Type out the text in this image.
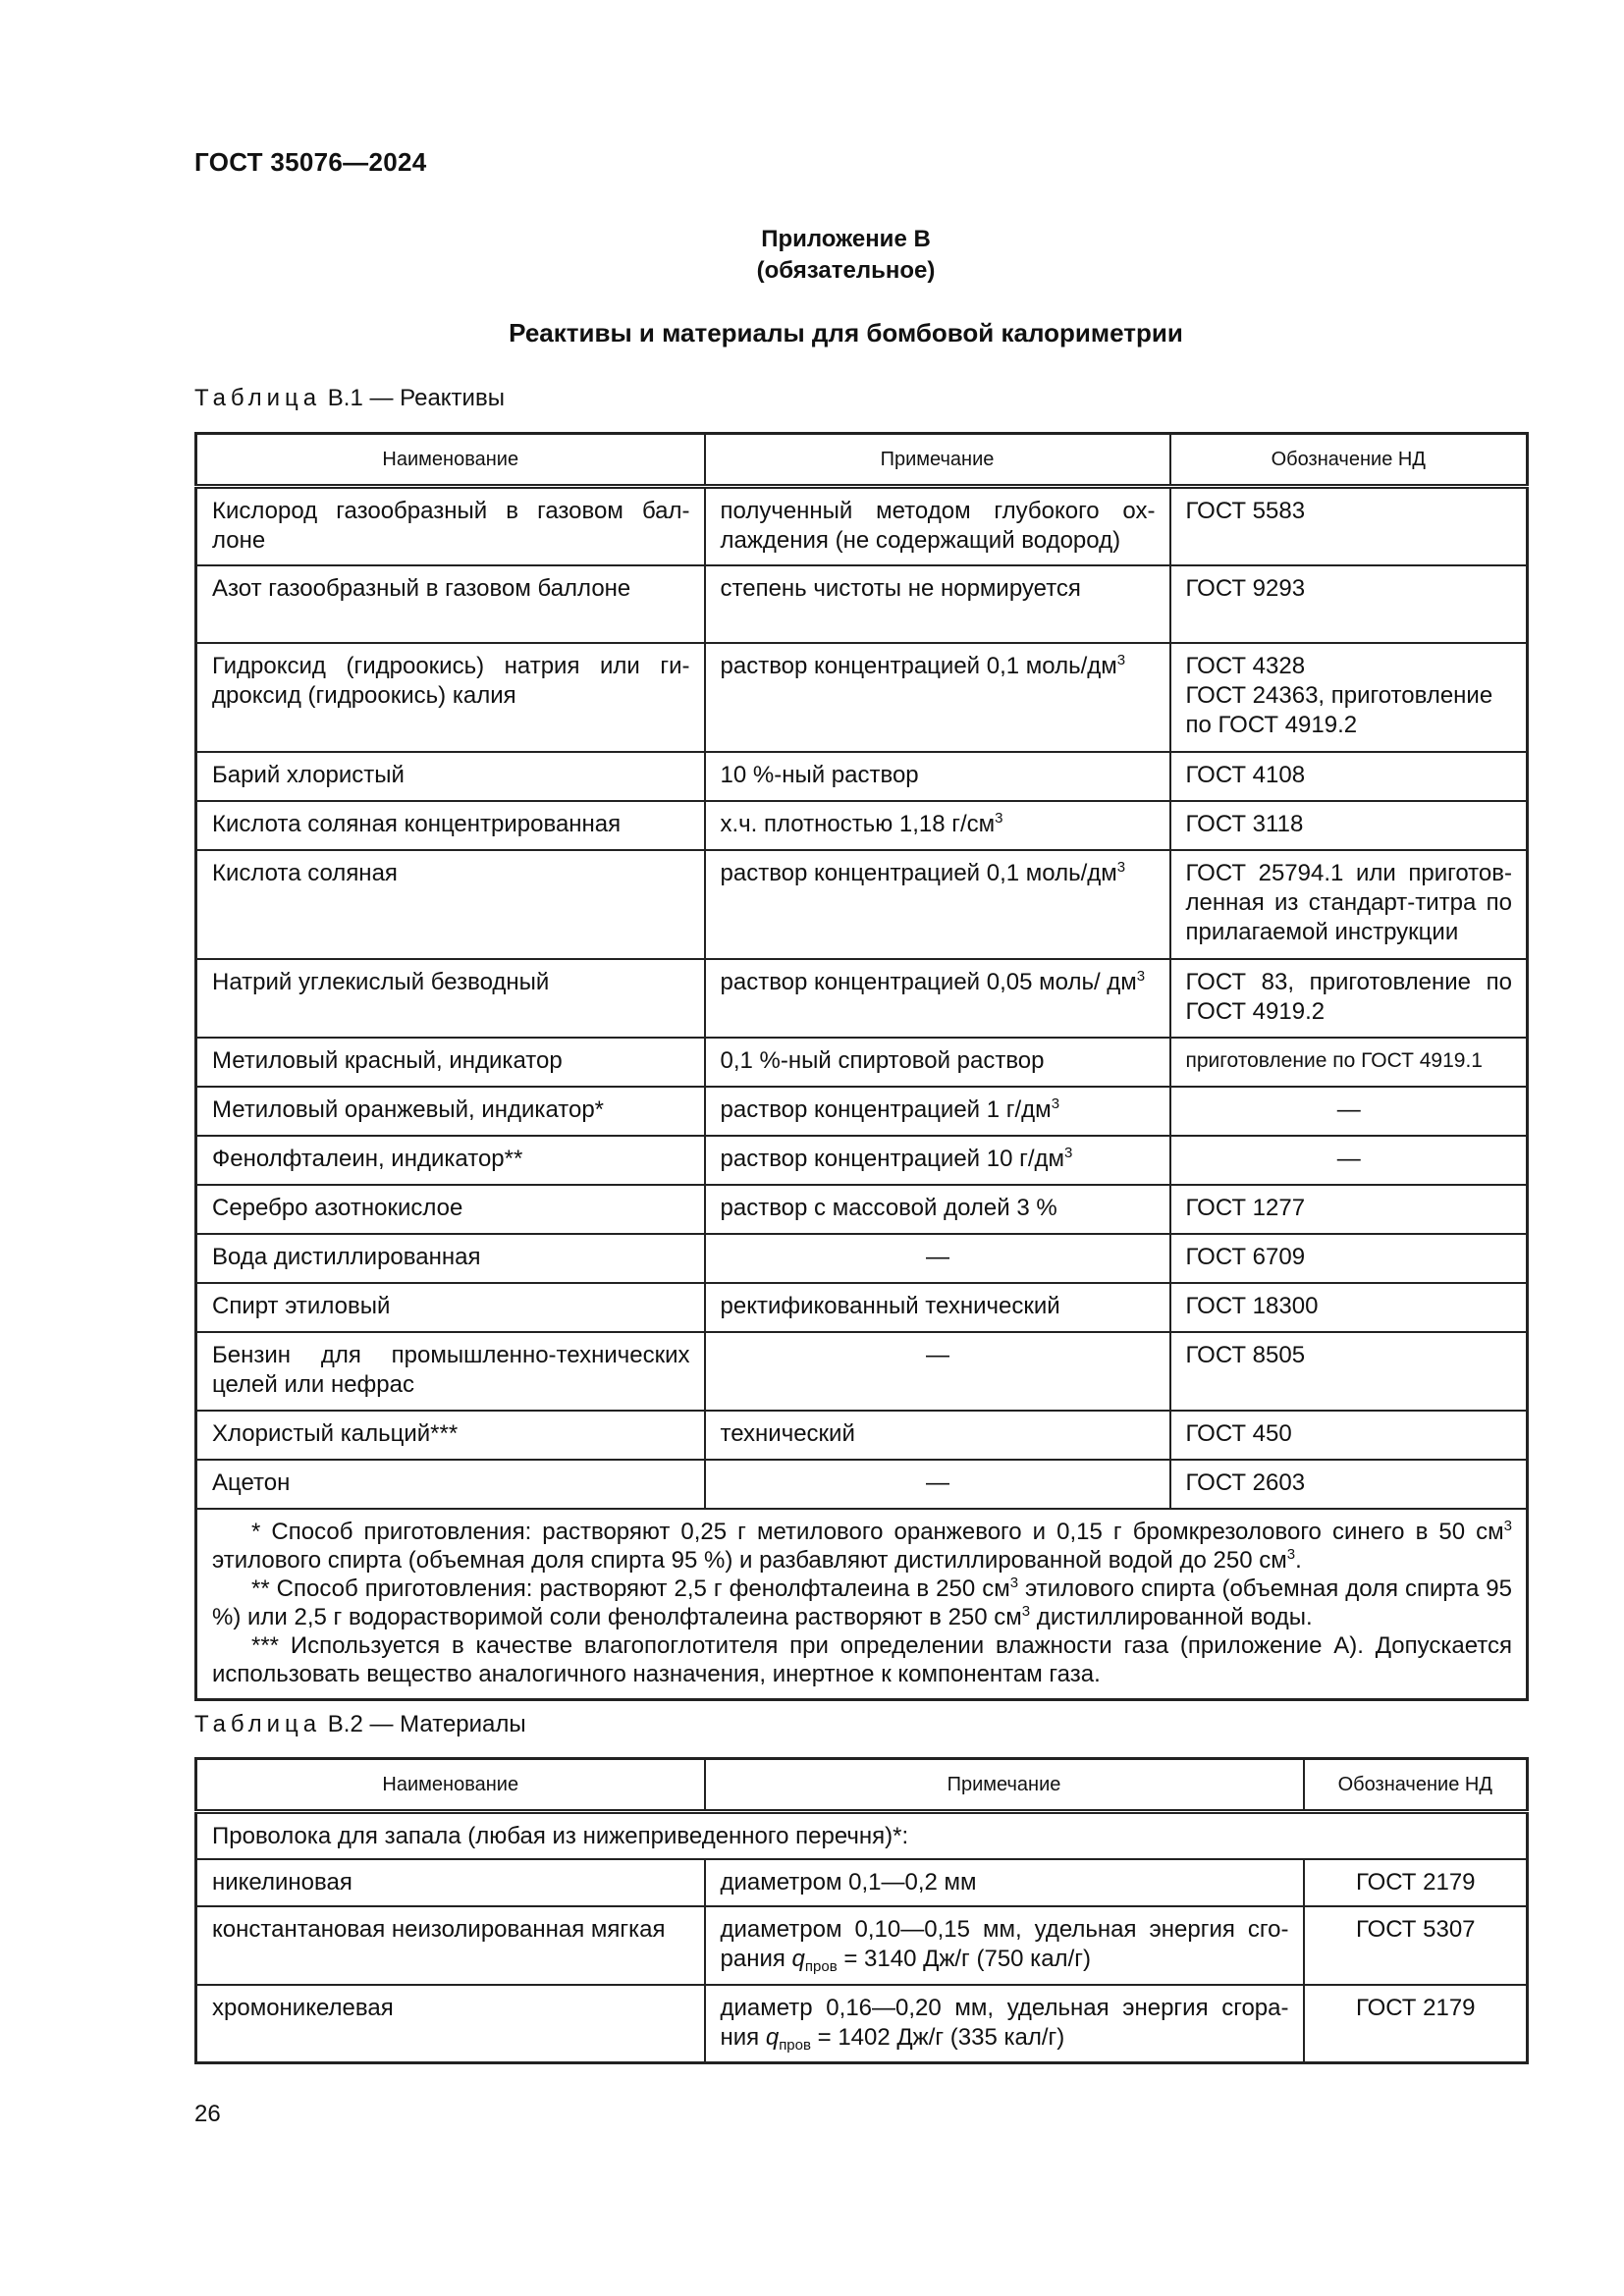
ГОСТ 35076—2024
Приложение В
(обязательное)
Реактивы и материалы для бомбовой калориметрии
Таблица В.1 — Реактивы
Наименование	Примечание	Обозначение НД
Кислород газообразный в газовом бал-лоне	полученный методом глубокого ох-лаждения (не содержащий водород)	ГОСТ 5583
Азот газообразный в газовом баллоне	степень чистоты не нормируется	ГОСТ 9293
Гидроксид (гидроокись) натрия или ги-дроксид (гидроокись) калия	раствор концентрацией 0,1 моль/$дм^3$	ГОСТ 4328
ГОСТ 24363, приготовление по ГОСТ 4919.2

Барий хлористый	10 %-ный раствор	ГОСТ 4108
Кислота соляная концентрированная	х.ч. плотностью 1,18 $г/см^3$	ГОСТ 3118
Кислота соляная	раствор концентрацией 0,1 моль/$дм^3$	ГОСТ 25794.1 или приготов-ленная из стандарт-титра по прилагаемой инструкции
Натрий углекислый безводный	раствор концентрацией 0,05 моль/ $дм^3$	ГОСТ 83, приготовление по ГОСТ 4919.2
Метиловый красный, индикатор	0,1 %-ный спиртовой раствор	приготовление по ГОСТ 4919.1
Метиловый оранжевый, индикатор*	раствор концентрацией 1 $г/дм^3$	—
Фенолфталеин, индикатор**	раствор концентрацией 10 $г/дм^3$	—
Серебро азотнокислое	раствор с массовой долей 3 %	ГОСТ 1277
Вода дистиллированная	—	ГОСТ 6709
Спирт этиловый	ректификованный технический	ГОСТ 18300
Бензин для промышленно-технических целей или нефрас	—	ГОСТ 8505
Хлористый кальций***	технический	ГОСТ 450
Ацетон	—	ГОСТ 2603

* Способ приготовления: растворяют 0,25 г метилового оранжевого и 0,15 г бромкрезолового синего в 50 $см^3$ этилового спирта (объемная доля спирта 95 %) и разбавляют дистиллированной водой до 250 $см^3$.

** Способ приготовления: растворяют 2,5 г фенолфталеина в 250 $см^3$ этилового спирта (объемная доля спирта 95 %) или 2,5 г водорастворимой соли фенолфталеина растворяют в 250 $см^3$ дистиллированной воды.

*** Используется в качестве влагопоглотителя при определении влажности газа (приложение А). Допускается использовать вещество аналогичного назначения, инертное к компонентам газа.		

Таблица В.2 — Материалы
Наименование	Примечание	Обозначение НД
Проволока для запала (любая из нижеприведенного перечня)*:		
никелиновая	диаметром 0,1—0,2 мм	ГОСТ 2179
константановая неизолированная мягкая	диаметром 0,10—0,15 мм, удельная энергия сго-рания $q_{пров} = 3140$ Дж/г (750 кал/г)	ГОСТ 5307
хромоникелевая	диаметр 0,16—0,20 мм, удельная энергия сгора-ния $q_{пров} = 1402$ Дж/г (335 кал/г)	ГОСТ 2179
26
